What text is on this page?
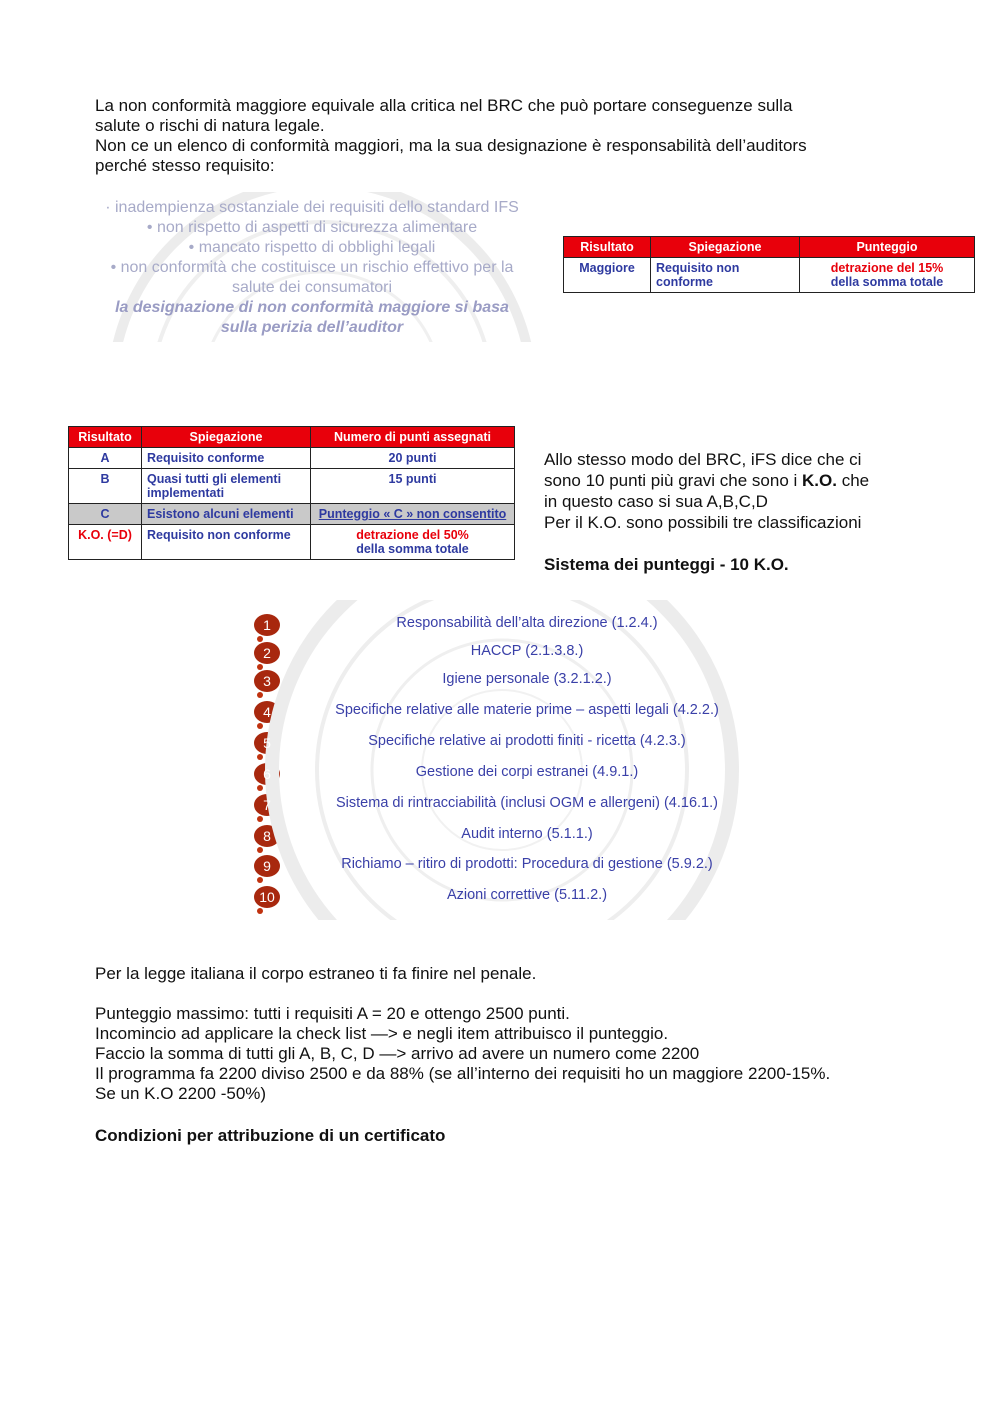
La non conformità maggiore equivale alla critica nel BRC che può portare conseguenze sulla

salute o rischi di natura legale.

Non ce un elenco di conformità maggiori, ma la sua designazione è responsabilità dell’auditors

perché stesso requisito:

· inadempienza sostanziale dei requisiti dello standard IFS
• non rispetto di aspetti di sicurezza alimentare
• mancato rispetto di obblighi legali
• non conformità che costituisce un rischio effettivo per la
salute dei consumatori
la designazione di non conformità maggiore si basa
sulla perizia dell’auditor
Risultato	Spiegazione	Punteggio
Maggiore	Requisito non conforme	detrazione del 15%
della somma totale
Risultato	Spiegazione	Numero di punti assegnati
A	Requisito conforme	20 punti
B	Quasi tutti gli elementi implementati	15 punti
C	Esistono alcuni elementi	Punteggio « C » non consentito
K.O. (=D)	Requisito non conforme	detrazione del 50%
della somma totale

Allo stesso modo del BRC, iFS dice che ci

sono 10 punti più gravi che sono i K.O. che

in questo caso si sua A,B,C,D

Per il K.O. sono possibili tre classificazioni

Sistema dei punteggi - 10 K.O.

1	Responsabilità dell’alta direzione (1.2.4.)
2	HACCP (2.1.3.8.)
3	Igiene personale (3.2.1.2.)
4	Specifiche relative alle materie prime – aspetti legali (4.2.2.)
5	Specifiche relative ai prodotti finiti - ricetta (4.2.3.)
6	Gestione dei corpi estranei (4.9.1.)
7	Sistema di rintracciabilità (inclusi OGM e allergeni) (4.16.1.)
8	Audit interno (5.1.1.)
9	Richiamo – ritiro di prodotti: Procedura di gestione (5.9.2.)
10	Azioni correttive (5.11.2.)

Per la legge italiana il corpo estraneo ti fa finire nel penale.

Punteggio massimo: tutti i requisiti A = 20 e ottengo 2500 punti.

Incomincio ad applicare la check list —> e negli item attribuisco il punteggio.

Faccio la somma di tutti gli A, B, C, D —> arrivo ad avere un numero come 2200

Il programma fa 2200 diviso 2500 e da 88% (se all’interno dei requisiti ho un maggiore 2200-15%.

Se un K.O 2200 -50%)

Condizioni per attribuzione di un certificato
